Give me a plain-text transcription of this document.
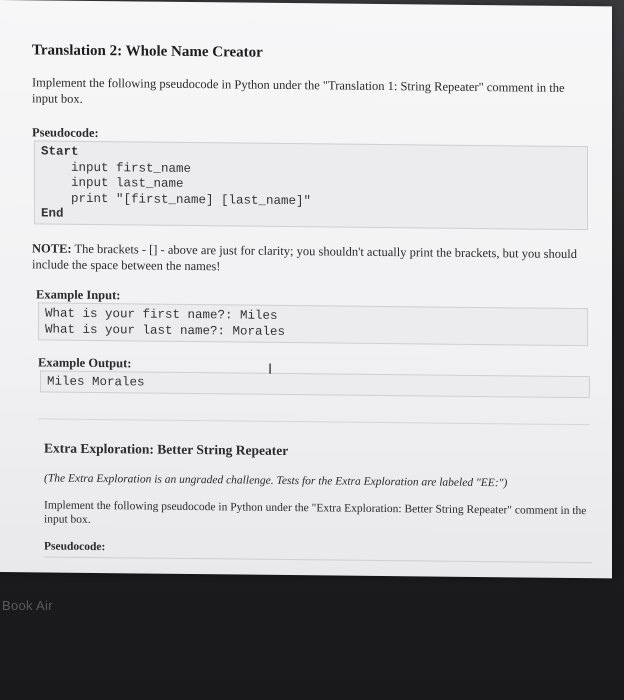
Translation 2: Whole Name Creator

Implement the following pseudocode in Python under the "Translation 1: String Repeater" comment in the input box.

Pseudocode:

Start
input first_name
input last_name
print "[first_name] [last_name]"
End

NOTE: The brackets - [] - above are just for clarity; you shouldn't actually print the brackets, but you should include the space between the names!

Example Input:

What is your first name?: Miles
What is your last name?: Morales

Example Output:

Miles Morales

Extra Exploration: Better String Repeater

(The Extra Exploration is an ungraded challenge. Tests for the Extra Exploration are labeled "EE:")

Implement the following pseudocode in Python under the "Extra Exploration: Better String Repeater" comment in the input box.

Pseudocode:

I
Book Air
